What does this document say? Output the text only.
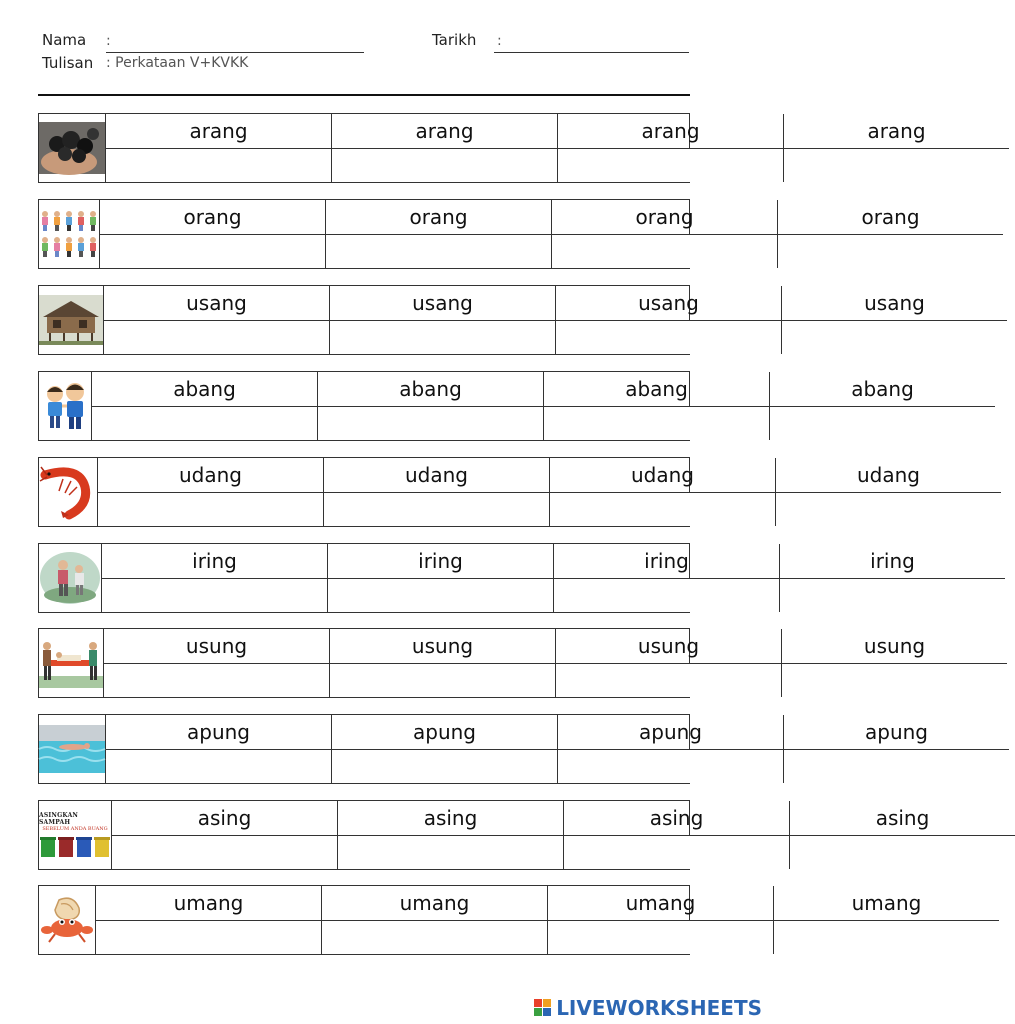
Nama :	Tarikh :
Tulisan : Perkataan V+KVKK
arang	arang	arang	arang
orang	orang	orang	orang
usang	usang	usang	usang
abang	abang	abang	abang
udang	udang	udang	udang
iring	iring	iring	iring
usung	usung	usung	usung
apung	apung	apung	apung
ASINGKAN SAMPAH
SEBELUM ANDA BUANG	asing	asing	asing	asing
umang	umang	umang	umang
LIVEWORKSHEETS
